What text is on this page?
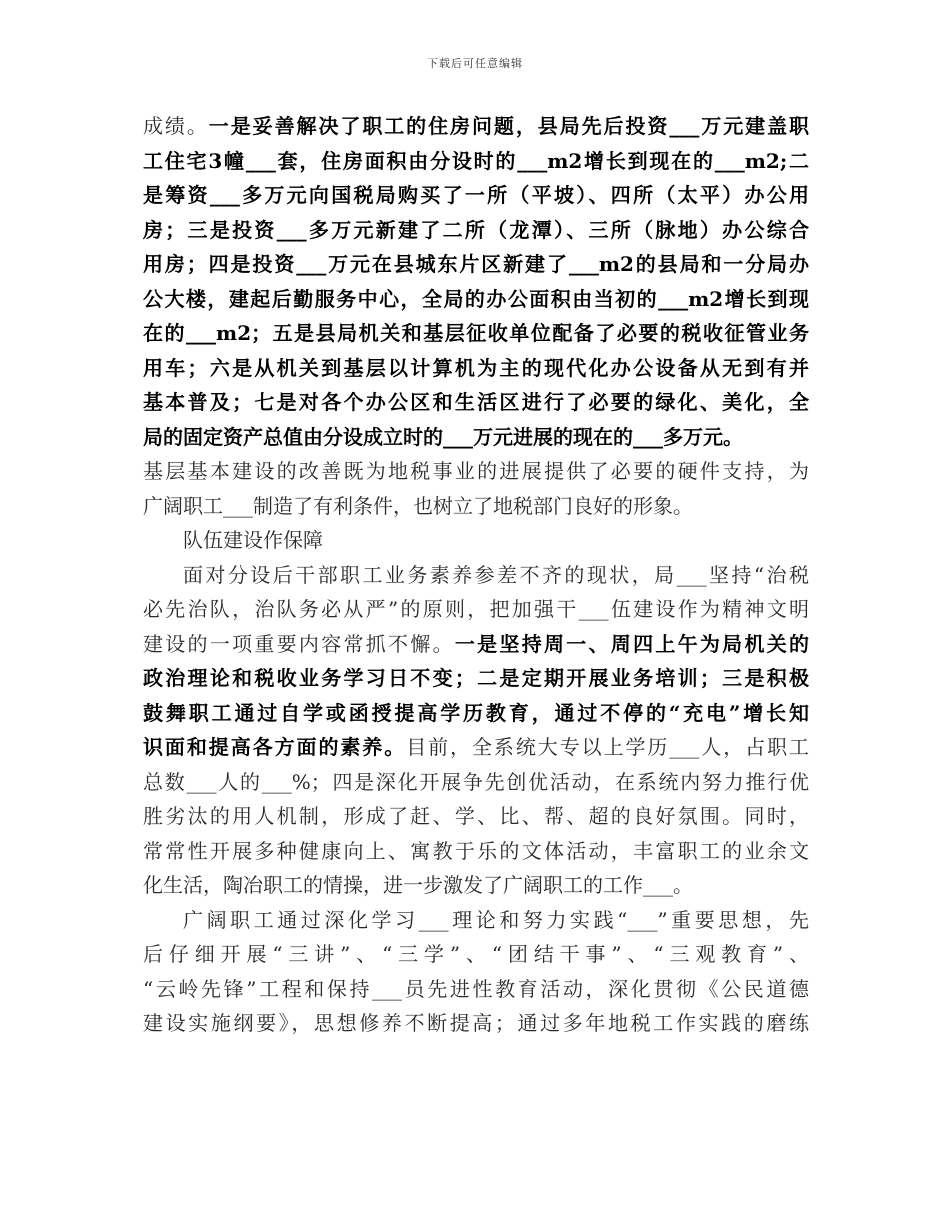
下载后可任意编辑
成绩。一是妥善解决了职工的住房问题，县局先后投资___万元建盖职
工住宅3幢___套，住房面积由分设时的___m2增长到现在的___m2;二
是筹资___多万元向国税局购买了一所（平坡）、四所（太平）办公用
房；三是投资___多万元新建了二所（龙潭）、三所（脉地）办公综合
用房；四是投资___万元在县城东片区新建了___m2的县局和一分局办
公大楼，建起后勤服务中心，全局的办公面积由当初的___m2增长到现
在的___m2；五是县局机关和基层征收单位配备了必要的税收征管业务
用车；六是从机关到基层以计算机为主的现代化办公设备从无到有并
基本普及；七是对各个办公区和生活区进行了必要的绿化、美化，全
局的固定资产总值由分设成立时的___万元进展的现在的___多万元。
基层基本建设的改善既为地税事业的进展提供了必要的硬件支持，为
广阔职工___制造了有利条件，也树立了地税部门良好的形象。
队伍建设作保障
面对分设后干部职工业务素养参差不齐的现状，局___坚持“治税
必先治队，治队务必从严”的原则，把加强干___伍建设作为精神文明
建设的一项重要内容常抓不懈。一是坚持周一、周四上午为局机关的
政治理论和税收业务学习日不变；二是定期开展业务培训；三是积极
鼓舞职工通过自学或函授提高学历教育，通过不停的“充电”增长知
识面和提高各方面的素养。目前，全系统大专以上学历___人，占职工
总数___人的___%；四是深化开展争先创优活动，在系统内努力推行优
胜劣汰的用人机制，形成了赶、学、比、帮、超的良好氛围。同时，
常常性开展多种健康向上、寓教于乐的文体活动，丰富职工的业余文
化生活，陶冶职工的情操，进一步激发了广阔职工的工作___。
广阔职工通过深化学习___理论和努力实践“___”重要思想，先
后仔细开展“三讲”、“三学”、“团结干事”、“三观教育”、
“云岭先锋”工程和保持___员先进性教育活动，深化贯彻《公民道德
建设实施纲要》，思想修养不断提高；通过多年地税工作实践的磨练
